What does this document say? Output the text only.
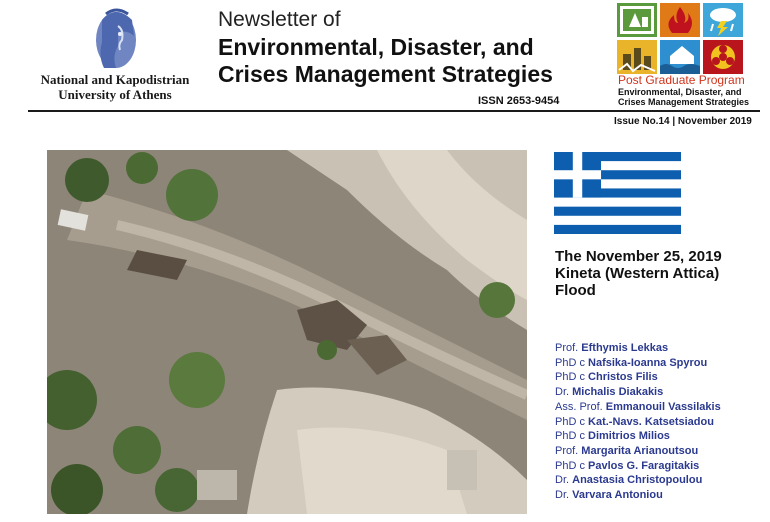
National and Kapodistrian
University of Athens
Newsletter of
Environmental, Disaster, and
Crises Management Strategies
ISSN 2653-9454
Post Graduate Program
Environmental, Disaster, and
Crises Management Strategies
Issue No.14 | November 2019
The November 25, 2019
Kineta (Western Attica)
Flood
Prof. Efthymis Lekkas
PhD c Nafsika-Ioanna Spyrou
PhD c Christos Filis
Dr. Michalis Diakakis
Ass. Prof. Emmanouil Vassilakis
PhD c Kat.-Navs. Katsetsiadou
PhD c Dimitrios Milios
Prof. Margarita Arianoutsou
PhD c Pavlos G. Faragitakis
Dr. Anastasia Christopoulou
Dr. Varvara Antoniou
